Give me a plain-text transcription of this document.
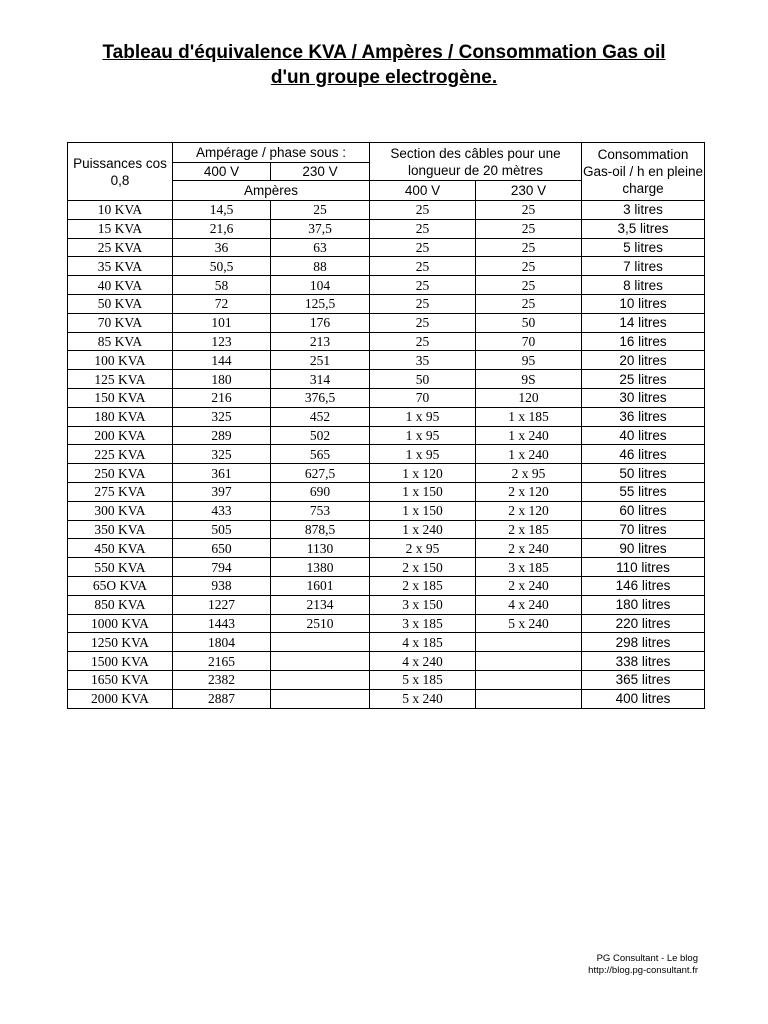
Tableau d'équivalence KVA / Ampères / Consommation Gas oil
d'un groupe electrogène.
Puissances cos 0,8	Ampérage / phase sous :		Section des câbles pour une longueur de 20 mètres		Consommation Gas-oil / h en pleine charge
	400 V	230 V			
	Ampères		400 V	230 V	
10 KVA	14,5	25	25	25	3 litres
15 KVA	21,6	37,5	25	25	3,5 litres
25 KVA	36	63	25	25	5 litres
35 KVA	50,5	88	25	25	7 litres
40 KVA	58	104	25	25	8 litres
50 KVA	72	125,5	25	25	10 litres
70 KVA	101	176	25	50	14 litres
85 KVA	123	213	25	70	16 litres
100 KVA	144	251	35	95	20 litres
125 KVA	180	314	50	9S	25 litres
150 KVA	216	376,5	70	120	30 litres
180 KVA	325	452	1 x 95	1 x 185	36 litres
200 KVA	289	502	1 x 95	1 x 240	40 litres
225 KVA	325	565	1 x 95	1 x 240	46 litres
250 KVA	361	627,5	1 x 120	2 x 95	50 litres
275 KVA	397	690	1 x 150	2 x 120	55 litres
300 KVA	433	753	1 x 150	2 x 120	60 litres
350 KVA	505	878,5	1 x 240	2 x 185	70 litres
450 KVA	650	1130	2 x 95	2 x 240	90 litres
550 KVA	794	1380	2 x 150	3 x 185	110 litres
65O KVA	938	1601	2 x 185	2 x 240	146 litres
850 KVA	1227	2134	3 x 150	4 x 240	180 litres
1000 KVA	1443	2510	3 x 185	5 x 240	220 litres
1250 KVA	1804		4 x 185		298 litres
1500 KVA	2165		4 x 240		338 litres
1650 KVA	2382		5 x 185		365 litres
2000 KVA	2887		5 x 240		400 litres
PG Consultant - Le blog
http://blog.pg-consultant.fr
